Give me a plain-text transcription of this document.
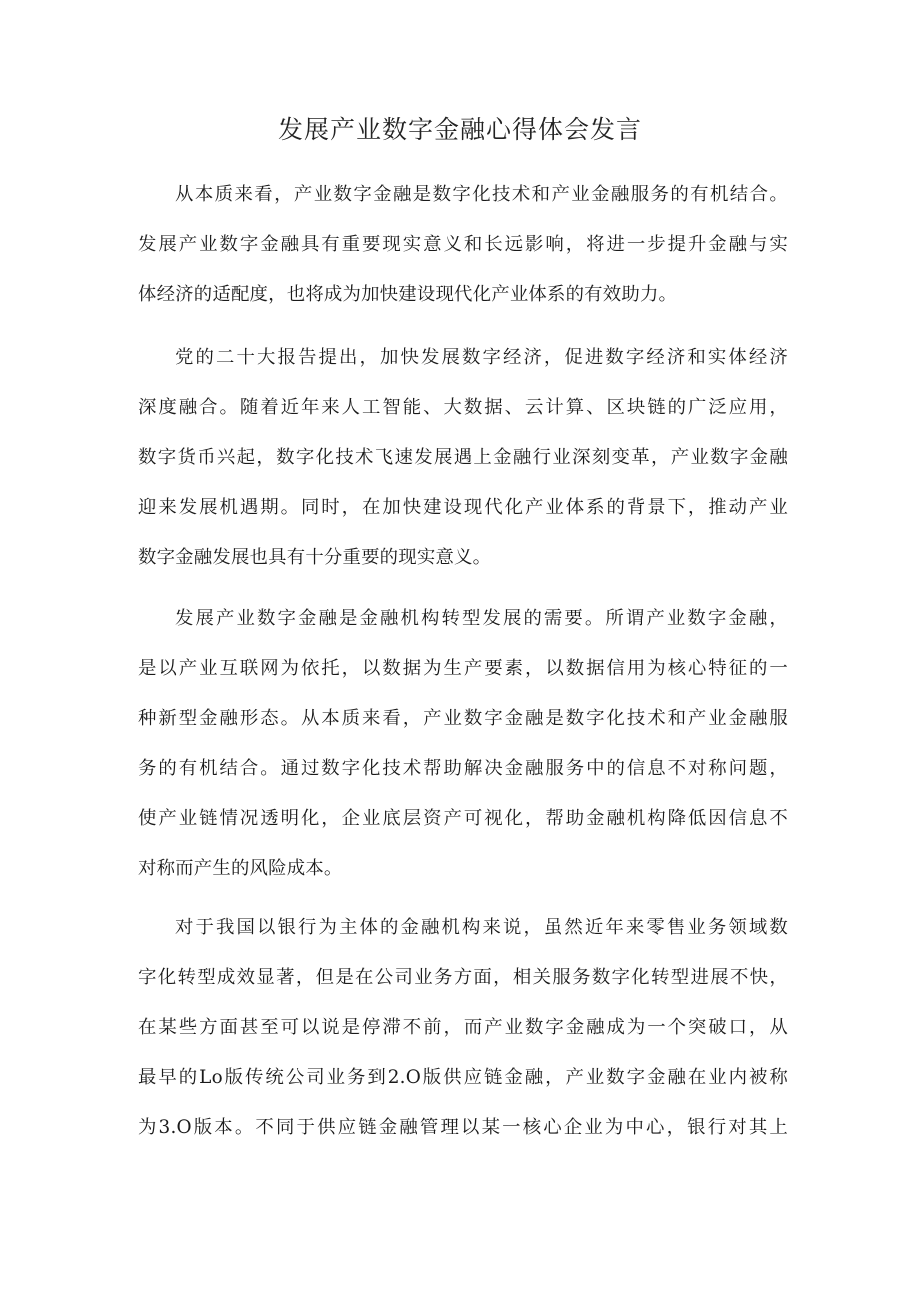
发展产业数字金融心得体会发言
从本质来看，产业数字金融是数字化技术和产业金融服务的有机结合。
发展产业数字金融具有重要现实意义和长远影响，将进一步提升金融与实
体经济的适配度，也将成为加快建设现代化产业体系的有效助力。
党的二十大报告提出，加快发展数字经济，促进数字经济和实体经济
深度融合。随着近年来人工智能、大数据、云计算、区块链的广泛应用，
数字货币兴起，数字化技术飞速发展遇上金融行业深刻变革，产业数字金融
迎来发展机遇期。同时，在加快建设现代化产业体系的背景下，推动产业
数字金融发展也具有十分重要的现实意义。
发展产业数字金融是金融机构转型发展的需要。所谓产业数字金融，
是以产业互联网为依托，以数据为生产要素，以数据信用为核心特征的一
种新型金融形态。从本质来看，产业数字金融是数字化技术和产业金融服
务的有机结合。通过数字化技术帮助解决金融服务中的信息不对称问题，
使产业链情况透明化，企业底层资产可视化，帮助金融机构降低因信息不
对称而产生的风险成本。
对于我国以银行为主体的金融机构来说，虽然近年来零售业务领域数
字化转型成效显著，但是在公司业务方面，相关服务数字化转型进展不快，
在某些方面甚至可以说是停滞不前，而产业数字金融成为一个突破口，从
最早的Lo版传统公司业务到2.O版供应链金融，产业数字金融在业内被称
为3.O版本。不同于供应链金融管理以某一核心企业为中心，银行对其上
